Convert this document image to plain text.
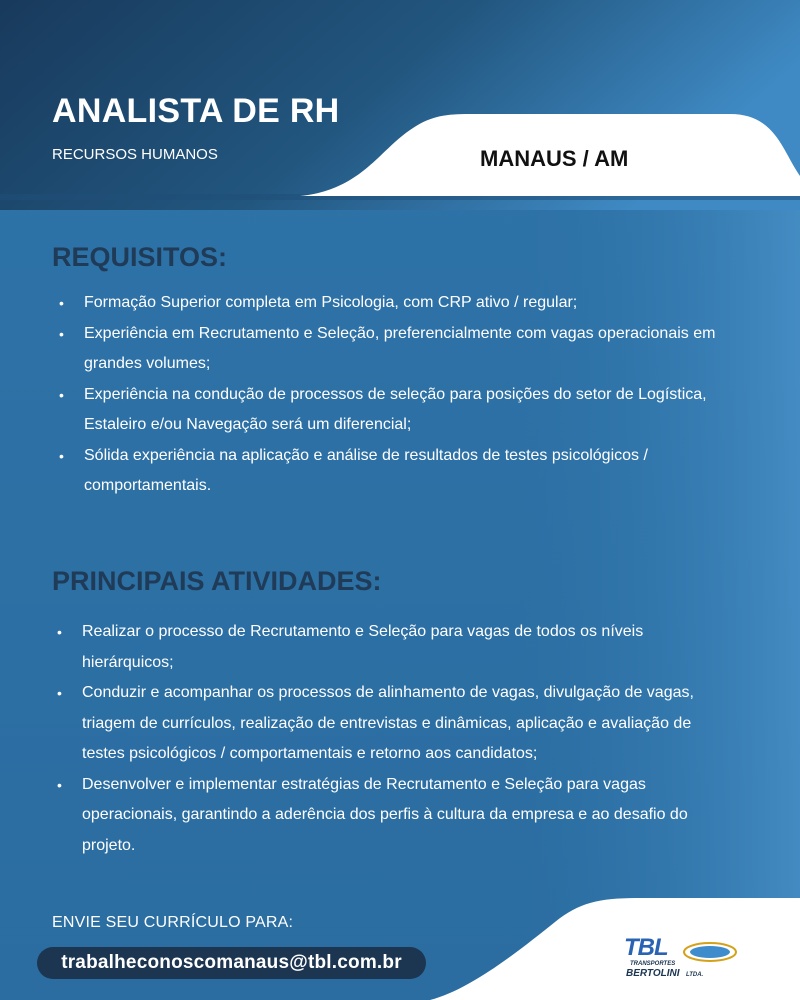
ANALISTA DE RH
RECURSOS HUMANOS	MANAUS / AM
REQUISITOS:
• Formação Superior completa em Psicologia, com CRP ativo / regular;
• Experiência em Recrutamento e Seleção, preferencialmente com vagas operacionais em grandes volumes;
• Experiência na condução de processos de seleção para posições do setor de Logística, Estaleiro e/ou Navegação será um diferencial;
• Sólida experiência na aplicação e análise de resultados de testes psicológicos / comportamentais.
PRINCIPAIS ATIVIDADES:
• Realizar o processo de Recrutamento e Seleção para vagas de todos os níveis hierárquicos;
• Conduzir e acompanhar os processos de alinhamento de vagas, divulgação de vagas, triagem de currículos, realização de entrevistas e dinâmicas, aplicação e avaliação de testes psicológicos / comportamentais e retorno aos candidatos;
• Desenvolver e implementar estratégias de Recrutamento e Seleção para vagas operacionais, garantindo a aderência dos perfis à cultura da empresa e ao desafio do projeto.
ENVIE SEU CURRÍCULO PARA:
trabalheconoscomanaus@tbl.com.br
TBL
TRANSPORTES
BERTOLINI LTDA.
